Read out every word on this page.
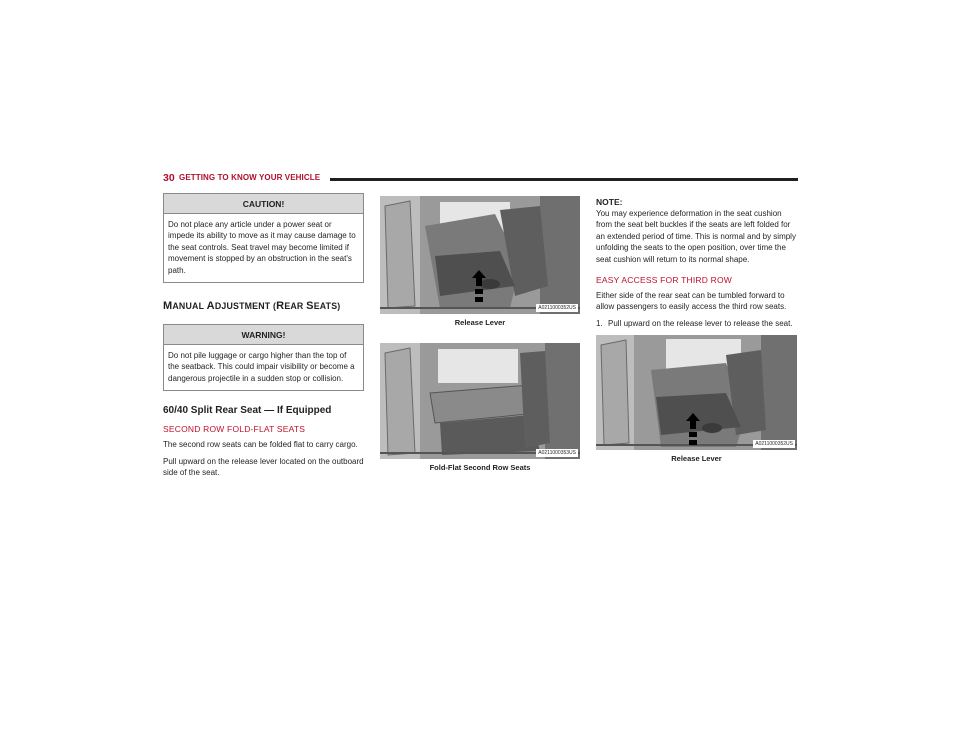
30 GETTING TO KNOW YOUR VEHICLE
CAUTION!
Do not place any article under a power seat or impede its ability to move as it may cause damage to the seat controls. Seat travel may become limited if movement is stopped by an obstruction in the seat's path.
MANUAL ADJUSTMENT (REAR SEATS)
WARNING!
Do not pile luggage or cargo higher than the top of the seatback. This could impair visibility or become a dangerous projectile in a sudden stop or collision.
60/40 Split Rear Seat — If Equipped
SECOND ROW FOLD-FLAT SEATS

The second row seats can be folded flat to carry cargo.

Pull upward on the release lever located on the outboard side of the seat.

A0211000352US
Release Lever
A0211000353US
Fold-Flat Second Row Seats
NOTE:

You may experience deformation in the seat cushion from the seat belt buckles if the seats are left folded for an extended period of time. This is normal and by simply unfolding the seats to the open position, over time the seat cushion will return to its normal shape.

EASY ACCESS FOR THIRD ROW

Either side of the rear seat can be tumbled forward to allow passengers to easily access the third row seats.

1. Pull upward on the release lever to release the seat.
A0211000352US
Release Lever
